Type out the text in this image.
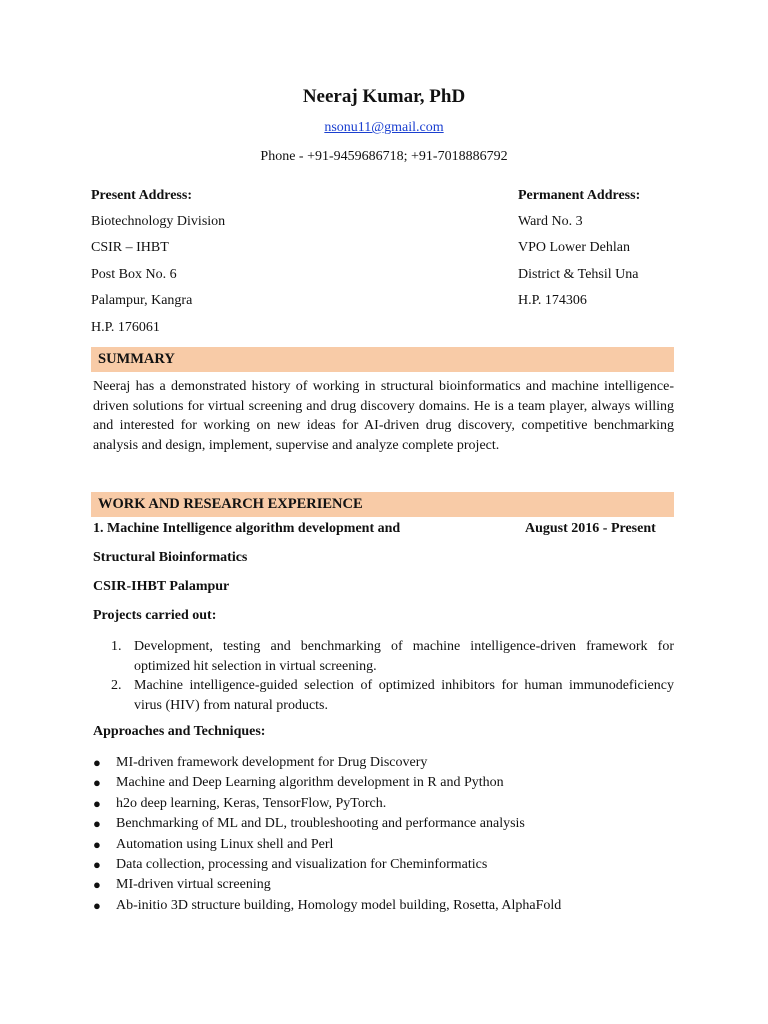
Neeraj Kumar, PhD
nsonu11@gmail.com
Phone - +91-9459686718; +91-7018886792
Present Address:
Biotechnology Division
CSIR – IHBT
Post Box No. 6
Palampur, Kangra
H.P. 176061
Permanent Address:
Ward No. 3
VPO Lower Dehlan
District & Tehsil Una
H.P. 174306
SUMMARY
Neeraj has a demonstrated history of working in structural bioinformatics and machine intelligence-driven solutions for virtual screening and drug discovery domains. He is a team player, always willing and interested for working on new ideas for AI-driven drug discovery, competitive benchmarking analysis and design, implement, supervise and analyze complete project.
WORK AND RESEARCH EXPERIENCE
1. Machine Intelligence algorithm development and	August 2016 - Present
Structural Bioinformatics
CSIR-IHBT Palampur
Projects carried out:
1. Development, testing and benchmarking of machine intelligence-driven framework for optimized hit selection in virtual screening.
2. Machine intelligence-guided selection of optimized inhibitors for human immunodeficiency virus (HIV) from natural products.
Approaches and Techniques:
● MI-driven framework development for Drug Discovery
● Machine and Deep Learning algorithm development in R and Python
● h2o deep learning, Keras, TensorFlow, PyTorch.
● Benchmarking of ML and DL, troubleshooting and performance analysis
● Automation using Linux shell and Perl
● Data collection, processing and visualization for Cheminformatics
● MI-driven virtual screening
● Ab-initio 3D structure building, Homology model building, Rosetta, AlphaFold
